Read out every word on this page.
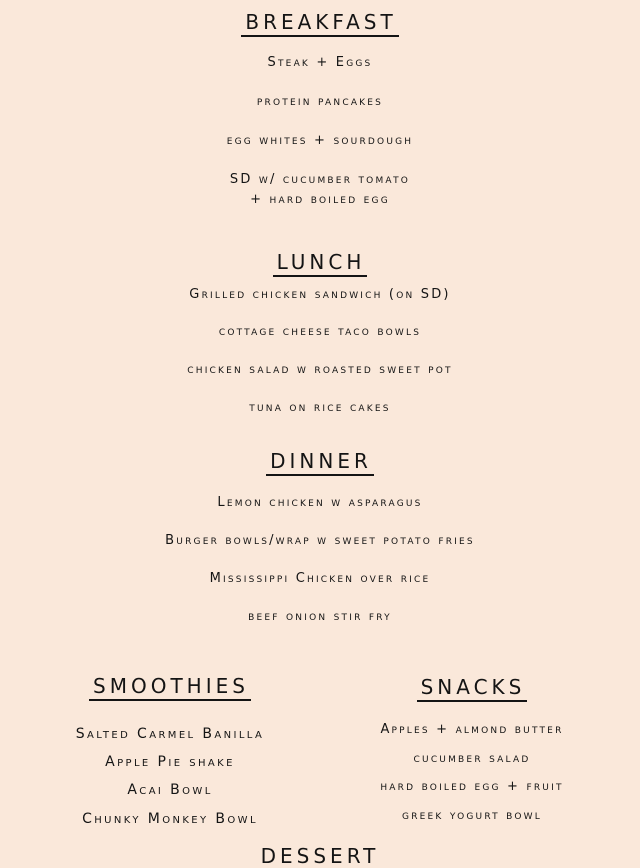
BREAKFAST

Steak + Eggs

protein pancakes

egg whites + sourdough

SD w/ cucumber tomato

+ hard boiled egg

LUNCH

Grilled chicken sandwich (on SD)

cottage cheese taco bowls

chicken salad w roasted sweet pot

tuna on rice cakes

DINNER

Lemon chicken w asparagus

Burger bowls/wrap w sweet potato fries

Mississippi Chicken over rice

beef onion stir fry

SMOOTHIES

Salted Carmel Banilla

Apple Pie shake

Acai Bowl

Chunky Monkey Bowl

SNACKS

Apples + almond butter

cucumber salad

hard boiled egg + fruit

greek yogurt bowl

DESSERT
